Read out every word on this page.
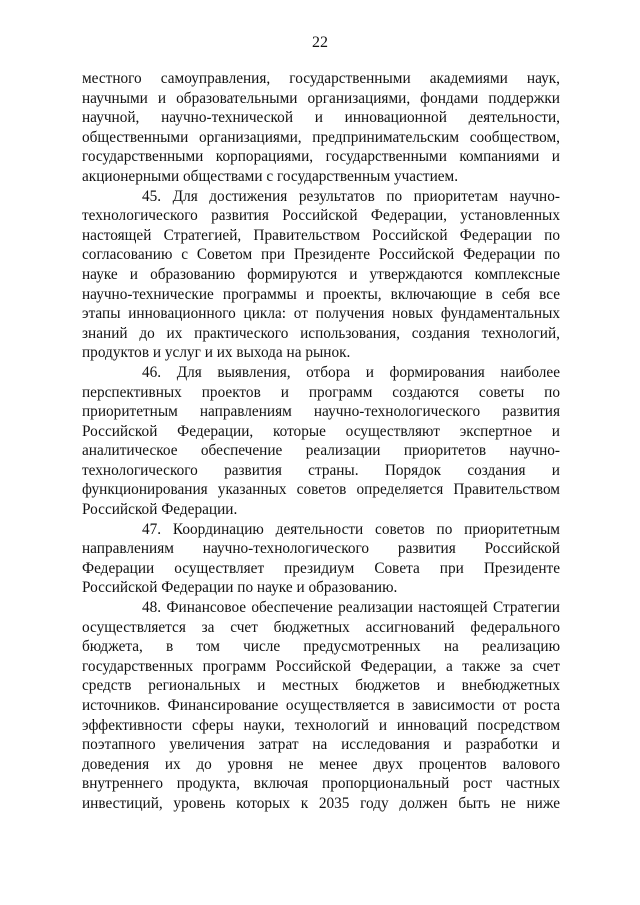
22
местного самоуправления, государственными академиями наук,
научными и образовательными организациями, фондами поддержки
научной, научно-технической и инновационной деятельности,
общественными организациями, предпринимательским сообществом,
государственными корпорациями, государственными компаниями и
акционерными обществами с государственным участием.
45. Для достижения результатов по приоритетам научно-
технологического развития Российской Федерации, установленных
настоящей Стратегией, Правительством Российской Федерации по
согласованию с Советом при Президенте Российской Федерации по
науке и образованию формируются и утверждаются комплексные
научно-технические программы и проекты, включающие в себя все
этапы инновационного цикла: от получения новых фундаментальных
знаний до их практического использования, создания технологий,
продуктов и услуг и их выхода на рынок.
46. Для выявления, отбора и формирования наиболее
перспективных проектов и программ создаются советы по
приоритетным направлениям научно-технологического развития
Российской Федерации, которые осуществляют экспертное и
аналитическое обеспечение реализации приоритетов научно-
технологического развития страны. Порядок создания и
функционирования указанных советов определяется Правительством
Российской Федерации.
47. Координацию деятельности советов по приоритетным
направлениям научно-технологического развития Российской
Федерации осуществляет президиум Совета при Президенте
Российской Федерации по науке и образованию.
48. Финансовое обеспечение реализации настоящей Стратегии
осуществляется за счет бюджетных ассигнований федерального
бюджета, в том числе предусмотренных на реализацию
государственных программ Российской Федерации, а также за счет
средств региональных и местных бюджетов и внебюджетных
источников. Финансирование осуществляется в зависимости от роста
эффективности сферы науки, технологий и инноваций посредством
поэтапного увеличения затрат на исследования и разработки и
доведения их до уровня не менее двух процентов валового
внутреннего продукта, включая пропорциональный рост частных
инвестиций, уровень которых к 2035 году должен быть не ниже
